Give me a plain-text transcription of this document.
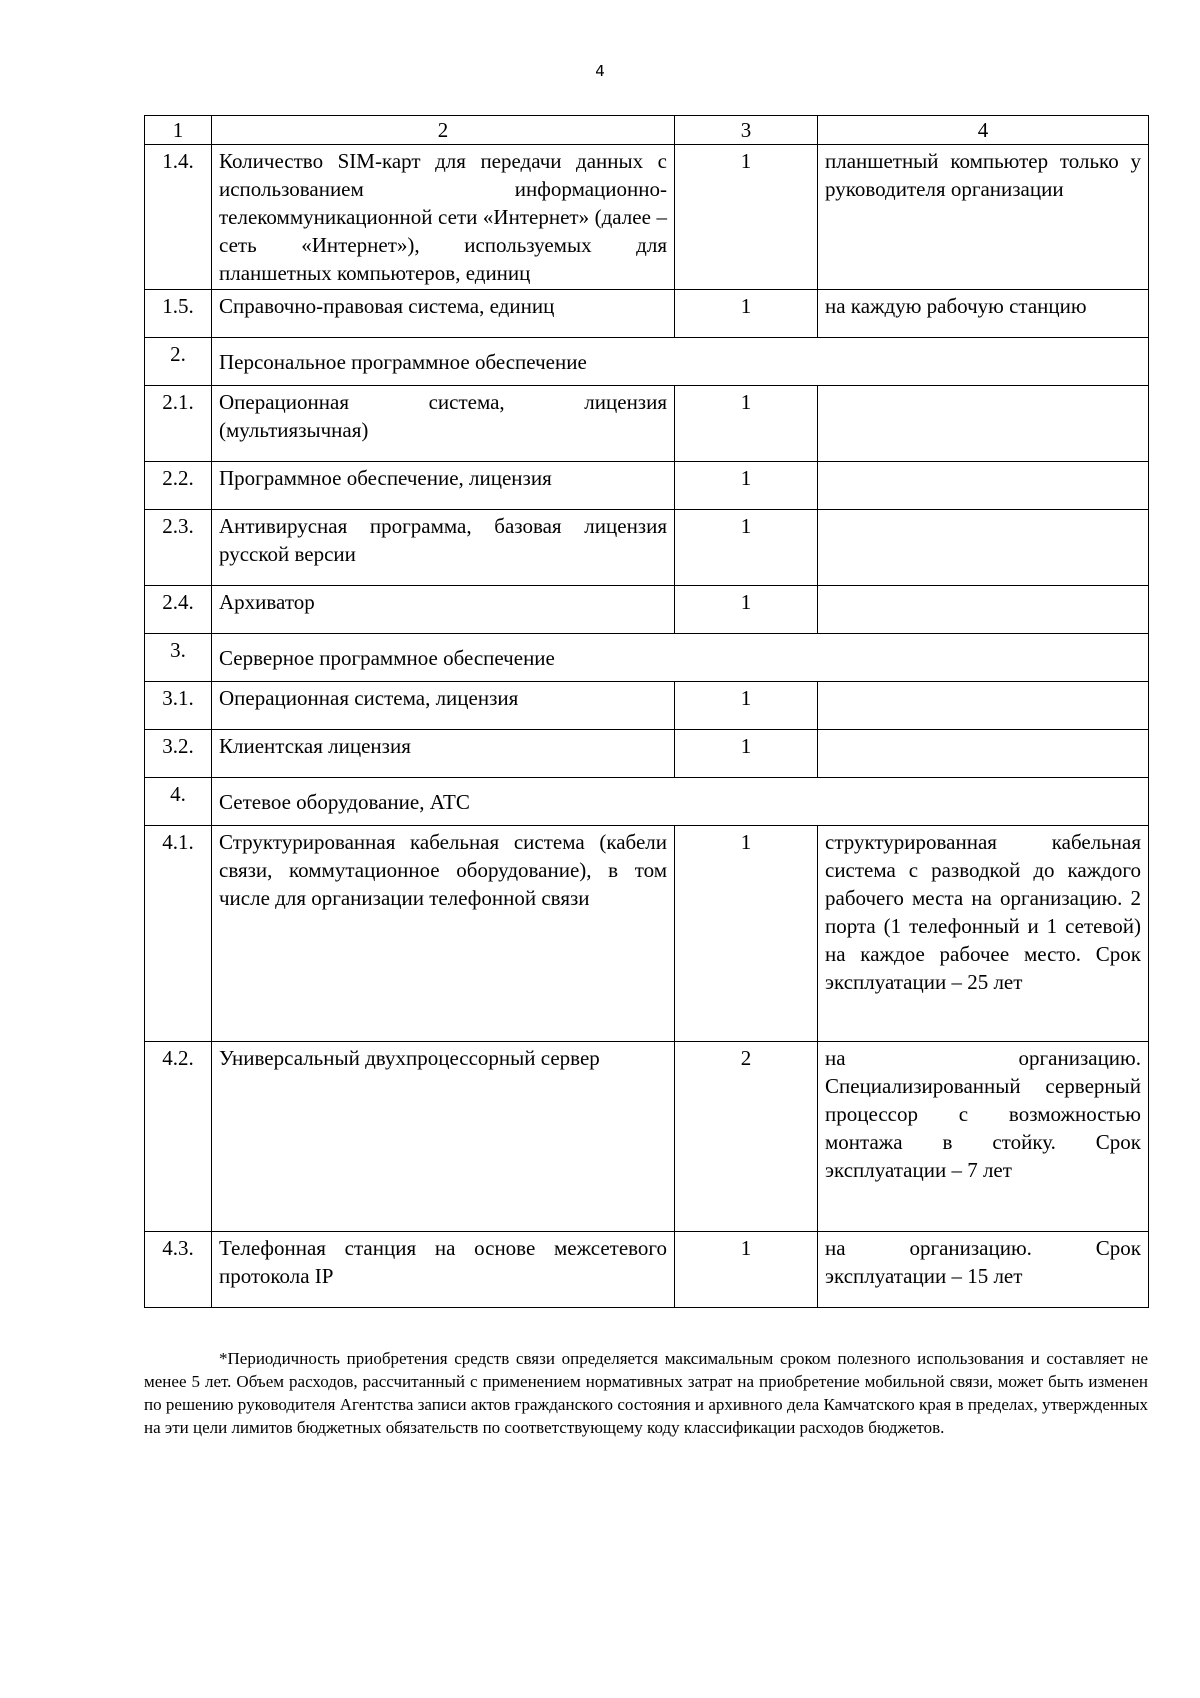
4
1	2	3	4
1.4.	Количество SIM-карт для передачи данных с использованием информационно-телекоммуникационной сети «Интернет» (далее – сеть «Интернет»), используемых для планшетных компьютеров, единиц	1	планшетный компьютер только у руководителя организации
1.5.	Справочно-правовая система, единиц	1	на каждую рабочую станцию
2.	Персональное программное обеспечение		
2.1.	Операционная система, лицензия (мультиязычная)	1	
2.2.	Программное обеспечение, лицензия	1	
2.3.	Антивирусная программа, базовая лицензия русской версии	1	
2.4.	Архиватор	1	
3.	Серверное программное обеспечение		
3.1.	Операционная система, лицензия	1	
3.2.	Клиентская лицензия	1	
4.	Сетевое оборудование, АТС		
4.1.	Структурированная кабельная система (кабели связи, коммутационное оборудование), в том числе для организации телефонной связи	1	структурированная кабельная система с разводкой до каждого рабочего места на организацию. 2 порта (1 телефонный и 1 сетевой) на каждое рабочее место. Срок эксплуатации – 25 лет
4.2.	Универсальный двухпроцессорный сервер	2	на организацию. Специализированный серверный процессор с возможностью монтажа в стойку. Срок эксплуатации – 7 лет
4.3.	Телефонная станция на основе межсетевого протокола IP	1	на организацию. Срок эксплуатации – 15 лет

*Периодичность приобретения средств связи определяется максимальным сроком полезного использования и составляет не менее 5 лет. Объем расходов, рассчитанный с применением нормативных затрат на приобретение мобильной связи, может быть изменен по решению руководителя Агентства записи актов гражданского состояния и архивного дела Камчатского края в пределах, утвержденных на эти цели лимитов бюджетных обязательств по соответствующему коду классификации расходов бюджетов.
